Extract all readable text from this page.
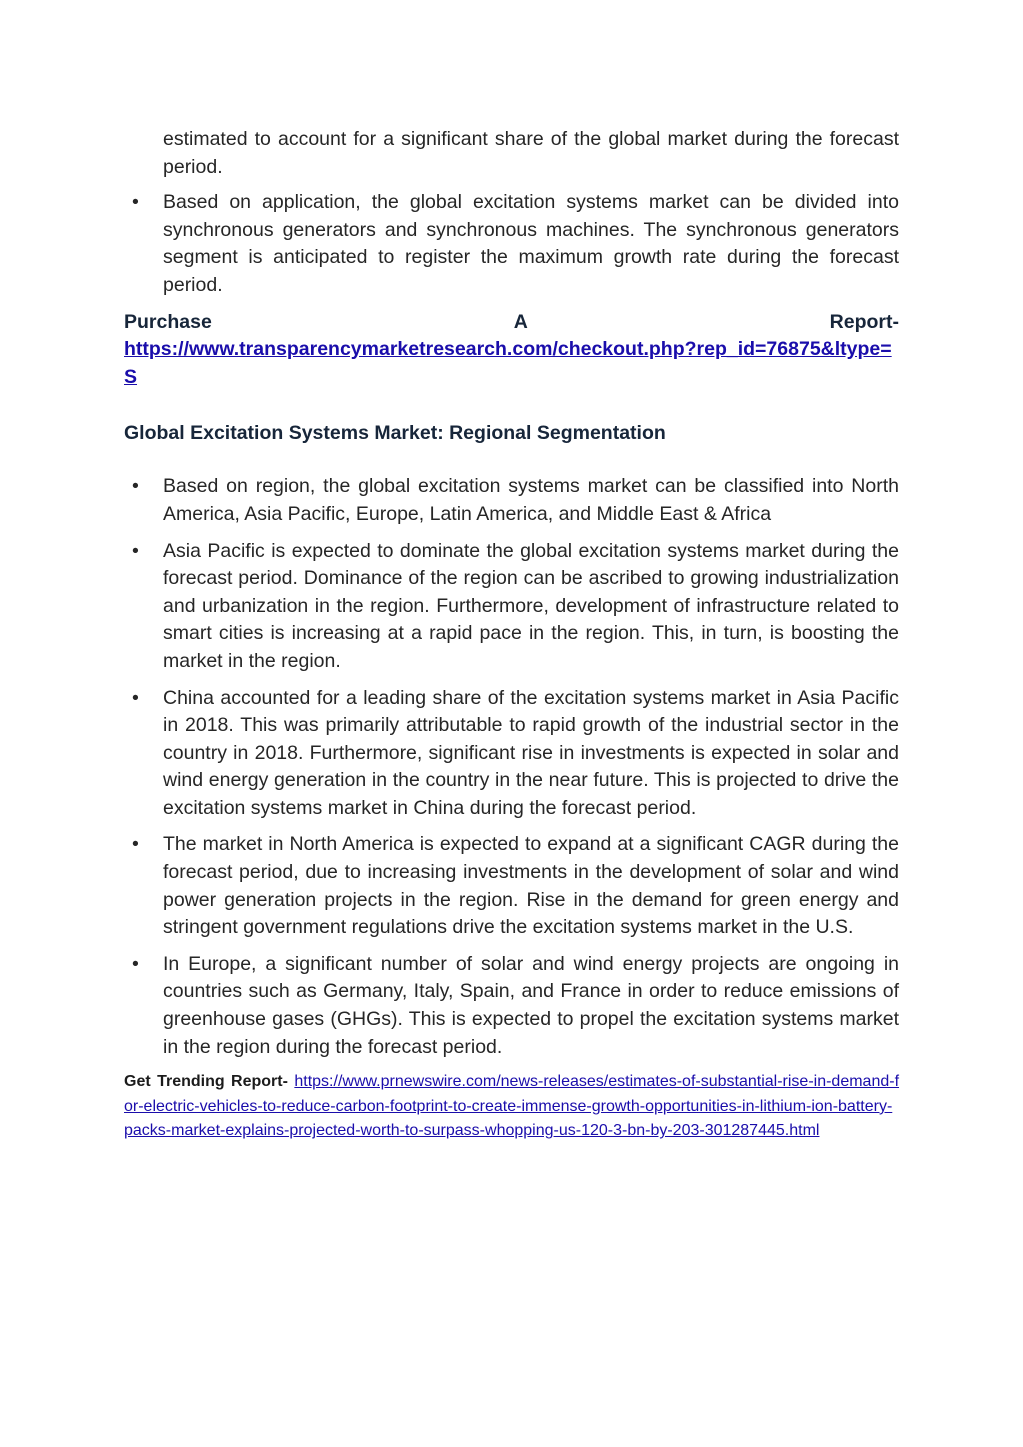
estimated to account for a significant share of the global market during the forecast period.

• Based on application, the global excitation systems market can be divided into synchronous generators and synchronous machines. The synchronous generators segment is anticipated to register the maximum growth rate during the forecast period.

Purchase	A	Report-
https://www.transparencymarketresearch.com/checkout.php?rep_id=76875&ltype=S
Global Excitation Systems Market: Regional Segmentation
• Based on region, the global excitation systems market can be classified into North America, Asia Pacific, Europe, Latin America, and Middle East & Africa

• Asia Pacific is expected to dominate the global excitation systems market during the forecast period. Dominance of the region can be ascribed to growing industrialization and urbanization in the region. Furthermore, development of infrastructure related to smart cities is increasing at a rapid pace in the region. This, in turn, is boosting the market in the region.

• China accounted for a leading share of the excitation systems market in Asia Pacific in 2018. This was primarily attributable to rapid growth of the industrial sector in the country in 2018. Furthermore, significant rise in investments is expected in solar and wind energy generation in the country in the near future. This is projected to drive the excitation systems market in China during the forecast period.

• The market in North America is expected to expand at a significant CAGR during the forecast period, due to increasing investments in the development of solar and wind power generation projects in the region. Rise in the demand for green energy and stringent government regulations drive the excitation systems market in the U.S.

• In Europe, a significant number of solar and wind energy projects are ongoing in countries such as Germany, Italy, Spain, and France in order to reduce emissions of greenhouse gases (GHGs). This is expected to propel the excitation systems market in the region during the forecast period.

Get Trending Report- https://www.prnewswire.com/news-releases/estimates-of-substantial-rise-in-demand-for-electric-vehicles-to-reduce-carbon-footprint-to-create-immense-growth-opportunities-in-lithium-ion-battery-packs-market-explains-projected-worth-to-surpass-whopping-us-120-3-bn-by-203-301287445.html
